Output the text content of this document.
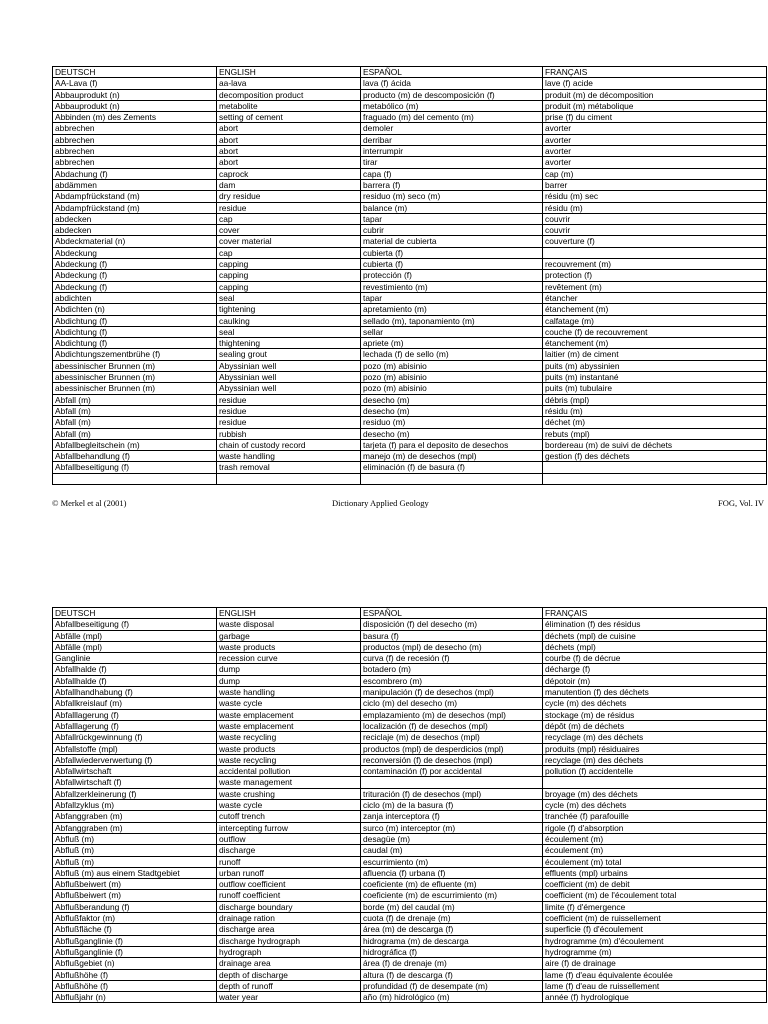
DEUTSCH	ENGLISH	ESPAÑOL	FRANÇAIS
AA-Lava (f)	aa-lava	lava (f) ácida	lave (f) acide
Abbauprodukt (n)	decomposition product	producto (m) de descomposición (f)	produit (m) de décomposition
Abbauprodukt (n)	metabolite	metabólico (m)	produit (m) métabolique
Abbinden (m) des Zements	setting of cement	fraguado (m) del cemento (m)	prise (f) du ciment
abbrechen	abort	demoler	avorter
abbrechen	abort	derribar	avorter
abbrechen	abort	interrumpir	avorter
abbrechen	abort	tirar	avorter
Abdachung (f)	caprock	capa (f)	cap (m)
abdämmen	dam	barrera (f)	barrer
Abdampfrückstand (m)	dry residue	residuo (m) seco (m)	résidu (m) sec
Abdampfrückstand (m)	residue	balance (m)	résidu (m)
abdecken	cap	tapar	couvrir
abdecken	cover	cubrir	couvrir
Abdeckmaterial (n)	cover material	material de cubierta	couverture (f)
Abdeckung	cap	cubierta (f)	
Abdeckung (f)	capping	cubierta (f)	recouvrement (m)
Abdeckung (f)	capping	protección (f)	protection (f)
Abdeckung (f)	capping	revestimiento (m)	revêtement (m)
abdichten	seal	tapar	étancher
Abdichten (n)	tightening	apretamiento (m)	étanchement (m)
Abdichtung (f)	caulking	sellado (m), taponamiento (m)	calfatage (m)
Abdichtung (f)	seal	sellar	couche (f) de recouvrement
Abdichtung (f)	thightening	apriete (m)	étanchement (m)
Abdichtungszementbrühe (f)	sealing grout	lechada (f) de sello (m)	laitier (m) de ciment
abessinischer Brunnen (m)	Abyssinian well	pozo (m) abisinio	puits (m) abyssinien
abessinischer Brunnen (m)	Abyssinian well	pozo (m) abisinio	puits (m) instantané
abessinischer Brunnen (m)	Abyssinian well	pozo (m) abisinio	puits (m) tubulaire
Abfall (m)	residue	desecho (m)	débris (mpl)
Abfall (m)	residue	desecho (m)	résidu (m)
Abfall (m)	residue	residuo (m)	déchet (m)
Abfall (m)	rubbish	desecho (m)	rebuts (mpl)
Abfallbegleitschein (m)	chain of custody record	tarjeta (f) para el deposito de desechos	bordereau (m) de suivi de déchets
Abfallbehandlung (f)	waste handling	manejo (m) de desechos (mpl)	gestion (f) des déchets
Abfallbeseitigung (f)	trash removal	eliminación (f) de basura (f)	

© Merkel et al (2001)	Dictionary Applied Geology	FOG, Vol. IV
DEUTSCH	ENGLISH	ESPAÑOL	FRANÇAIS
Abfallbeseitigung (f)	waste disposal	disposición (f) del desecho (m)	élimination (f) des résidus
Abfälle (mpl)	garbage	basura (f)	déchets (mpl) de cuisine
Abfälle (mpl)	waste products	productos (mpl) de desecho (m)	déchets (mpl)
Ganglinie	recession curve	curva (f) de recesión (f)	courbe (f) de décrue
Abfallhalde (f)	dump	botadero (m)	décharge (f)
Abfallhalde (f)	dump	escombrero (m)	dépotoir (m)
Abfallhandhabung (f)	waste handling	manipulación (f) de desechos (mpl)	manutention (f) des déchets
Abfallkreislauf (m)	waste cycle	ciclo (m) del desecho (m)	cycle (m) des déchets
Abfalllagerung (f)	waste emplacement	emplazamiento (m) de desechos (mpl)	stockage (m) de résidus
Abfalllagerung (f)	waste emplacement	localización (f) de desechos (mpl)	dépôt (m) de déchets
Abfallrückgewinnung (f)	waste recycling	reciclaje (m) de desechos (mpl)	recyclage (m) des déchets
Abfallstoffe (mpl)	waste products	productos (mpl) de desperdicios (mpl)	produits (mpl) résiduaires
Abfallwiederverwertung (f)	waste recycling	reconversión (f) de desechos (mpl)	recyclage (m) des déchets
Abfallwirtschaft	accidental pollution	contaminación (f) por accidental	pollution (f) accidentelle
Abfallwirtschaft (f)	waste management		
Abfallzerkleinerung (f)	waste crushing	trituración (f) de desechos (mpl)	broyage (m) des déchets
Abfallzyklus (m)	waste cycle	ciclo (m) de la basura (f)	cycle (m) des déchets
Abfanggraben (m)	cutoff trench	zanja interceptora (f)	tranchée (f) parafouille
Abfanggraben (m)	intercepting furrow	surco (m) interceptor (m)	rigole (f) d'absorption
Abfluß (m)	outflow	desagüe (m)	écoulement (m)
Abfluß (m)	discharge	caudal (m)	écoulement (m)
Abfluß (m)	runoff	escurrimiento (m)	écoulement (m) total
Abfluß (m) aus einem Stadtgebiet	urban runoff	afluencia (f) urbana (f)	effluents (mpl) urbains
Abflußbeiwert (m)	outflow coefficient	coeficiente (m) de efluente (m)	coefficient (m) de debit
Abflußbeiwert (m)	runoff coefficient	coeficiente (m) de escurrimiento (m)	coefficient (m) de l'écoulement total
Abflußberandung (f)	discharge boundary	borde (m) del caudal (m)	limite (f) d'émergence
Abflußfaktor (m)	drainage ration	cuota (f) de drenaje (m)	coefficient (m) de ruissellement
Abflußfläche (f)	discharge area	área (m) de descarga (f)	superficie (f) d'écoulement
Abflußganglinie (f)	discharge hydrograph	hidrograma (m) de descarga	hydrogramme (m) d'écoulement
Abflußganglinie (f)	hydrograph	hidrográfica (f)	hydrogramme (m)
Abflußgebiet (n)	drainage area	área (f) de drenaje (m)	aire (f) de drainage
Abflußhöhe (f)	depth of discharge	altura (f) de descarga (f)	lame (f) d'eau équivalente écoulée
Abflußhöhe (f)	depth of runoff	profundidad (f) de desempate (m)	lame (f) d'eau de ruissellement
Abflußjahr (n)	water year	año (m) hidrológico (m)	année (f) hydrologique
